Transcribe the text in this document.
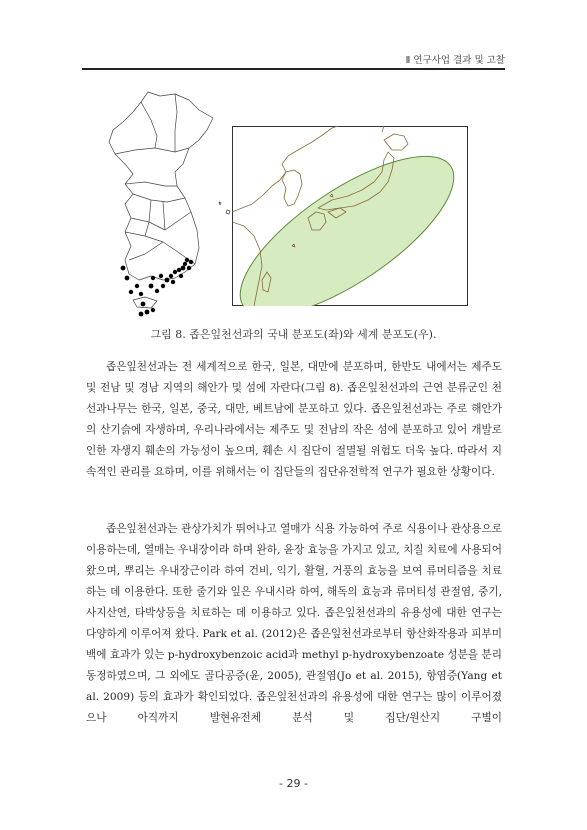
Ⅱ 연구사업 결과 및 고찰
그림 8. 좁은잎천선과의 국내 분포도(좌)와 세계 분포도(우).

좁은잎천선과는 전 세계적으로 한국, 일본, 대만에 분포하며, 한반도 내에서는 제주도 및 전남 및 경남 지역의 해안가 및 섬에 자란다(그림 8). 좁은잎천선과의 근연 분류군인 천선과나무는 한국, 일본, 중국, 대만, 베트남에 분포하고 있다. 좁은잎천선과는 주로 해안가의 산기슭에 자생하며, 우리나라에서는 제주도 및 전남의 작은 섬에 분포하고 있어 개발로 인한 자생지 훼손의 가능성이 높으며, 훼손 시 집단이 절멸될 위험도 더욱 높다. 따라서 지속적인 관리를 요하며, 이를 위해서는 이 집단들의 집단유전학적 연구가 필요한 상황이다.

좁은잎천선과는 관상가치가 뛰어나고 열매가 식용 가능하여 주로 식용이나 관상용으로 이용하는데, 열매는 우내장이라 하며 완하, 윤장 효능을 가지고 있고, 치질 치료에 사용되어 왔으며, 뿌리는 우내장근이라 하여 건비, 익기, 활혈, 거풍의 효능을 보여 류머티즘을 치료하는 데 이용한다. 또한 줄기와 잎은 우내시라 하여, 해독의 효능과 류머티성 관절염, 중기, 사지산연, 타박상등을 치료하는 데 이용하고 있다. 좁은잎천선과의 유용성에 대한 연구는 다양하게 이루어져 왔다. Park et al. (2012)은 좁은잎천선과로부터 항산화작용과 피부미백에 효과가 있는 p-hydroxybenzoic acid과 methyl p-hydroxybenzoate 성분을 분리 동정하였으며, 그 외에도 골다공증(윤, 2005), 관절염(Jo et al. 2015), 항염증(Yang et al. 2009) 등의 효과가 확인되었다. 좁은잎천선과의 유용성에 대한 연구는 많이 이루어졌으나 아직까지 발현유전체 분석 및 집단/원산지 구별이

- 29 -
